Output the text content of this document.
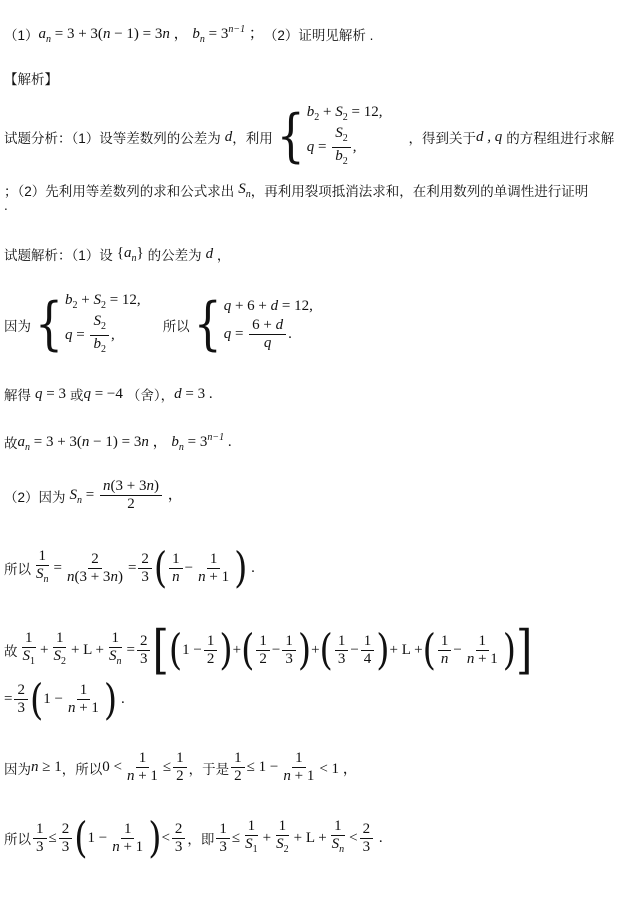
（1） $a_n = 3 + 3(n - 1) = 3n$ ， $b_n = 3^{n-1}$ ； （2）证明见解析 .
【解析】
试题分析：（1）设等差数列的公差为 d ，利用 { $b_2 + S_2 = 12$,
$q = \frac{S_2}{b_2}$ ,
，得到关于 d , q 的方程组进行求解
；（2）先利用等差数列的求和公式求出 $S_n$ ，再利用裂项抵消法求和，在利用数列的单调性进行证明
.
试题解析：（1）设 $\{a_n\}$ 的公差为 d ，
因为 { $b_2 + S_2 = 12$,
$q = \frac{S_2}{b_2}$ ,
所以 { q + 6 + d = 12,
$q = \frac{6 + d}{q}$ .
解得 q = 3 或 q = −4 （舍）， d = 3 .
故 $a_n = 3 + 3(n - 1) = 3n$ ， $b_n = 3^{n-1}$ .
（2）因为 $S_n = \frac{n(3 + 3n)}{2}$ ，
所以 $\frac{1}{S_n} = \frac{2}{n(3 + 3n)} = \frac{2}{3}$ ( $\frac{1}{n} - \frac{1}{n + 1}$ ) .
故 $\frac{1}{S_1} + \frac{1}{S_2} + L + \frac{1}{S_n} = \frac{2}{3}$ [ ( $1 - \frac{1}{2}$ ) + ( $\frac{1}{2} - \frac{1}{3}$ ) + ( $\frac{1}{3} - \frac{1}{4}$ ) + L + ( $\frac{1}{n} - \frac{1}{n + 1}$ ) ]
= $\frac{2}{3}$ ( $1 - \frac{1}{n + 1}$ ) .
因为 n ≥ 1 ，所以 $0 < \frac{1}{n + 1} \le \frac{1}{2}$ ，于是 $\frac{1}{2} \le 1 - \frac{1}{n + 1} < 1$ ，
所以 $\frac{1}{3} \le \frac{2}{3}$ ( $1 - \frac{1}{n + 1}$ ) < $\frac{2}{3}$ ，即 $\frac{1}{3} \le \frac{1}{S_1} + \frac{1}{S_2} + L + \frac{1}{S_n} < \frac{2}{3}$ .
